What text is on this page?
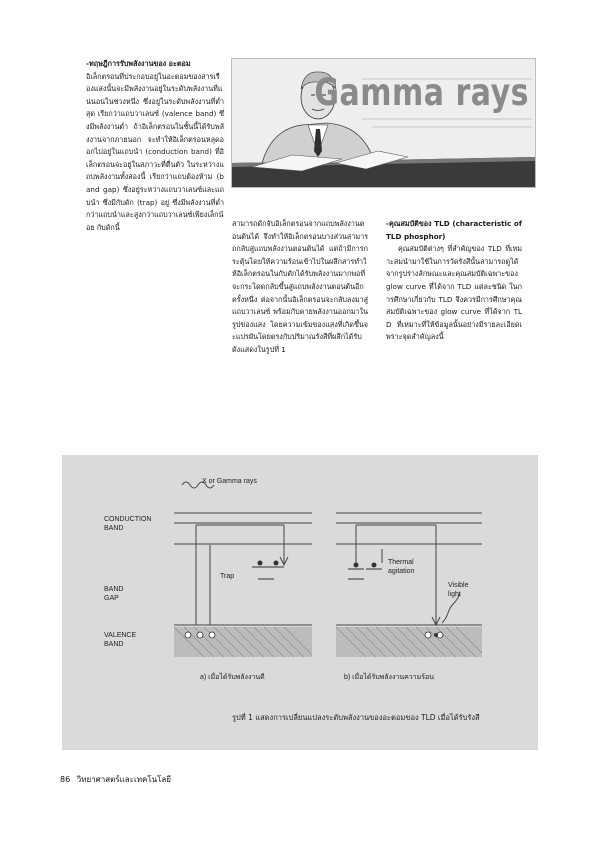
-ทฤษฎีการรับพลังงานของ อะตอม

อิเล็กตรอนที่ประกอบอยู่ในอะตอมของสารเรืองแสงนั้นจะมีพลังงานอยู่ในระดับพลังงานที่แน่นอนในช่วงหนึ่ง ซึ่งอยู่ในระดับพลังงานที่ต่ำสุด เรียกว่าแถบวาเลนซ์ (valence band) ซึ่งมีพลังงานต่ำ ถ้าอิเล็กตรอนในชั้นนี้ได้รับพลังงานจากภายนอก จะทำให้อิเล็กตรอนหลุดออกไปอยู่ในแถบนำ (conduction band) ที่อิเล็กตรอนจะอยู่ในสภาวะที่ตื่นตัว ในระหว่างแถบพลังงานทั้งสองนี้ เรียกว่าแถบต้องห้าม (band gap) ซึ่งอยู่ระหว่างแถบวาเลนซ์และแถบนำ ซึ่งมีกับดัก (trap) อยู่ ซึ่งมีพลังงานที่ต่ำกว่าแถบนำและสูงกว่าแถบวาเลนซ์เพียงเล็กน้อย กับดักนี้

Gamma rays

สามารถดักจับอิเล็กตรอนจากแถบพลังงานตอนต้นได้ จึงทำให้อิเล็กตรอนบางส่วนสามารถกลับสู่แถบพลังงานตอนต้นได้ แต่ถ้ามีการกระตุ้นโดยให้ความร้อนเข้าไปในผลึกสารทำให้อิเล็กตรอนในกับดักได้รับพลังงานมากพอที่จะกระโดดกลับขึ้นสู่แถบพลังงานตอนต้นอีกครั้งหนึ่ง ต่อจากนั้นอิเล็กตรอนจะกลับลงมาสู่แถบวาเลนซ์ พร้อมกับคายพลังงานออกมาในรูปของแสง โดยความเข้มของแสงที่เกิดขึ้นจะแปรผันโดยตรงกับปริมาณรังสีที่ผลึกได้รับ ดังแสดงในรูปที่ 1

-คุณสมบัติของ TLD (characteristic of TLD phosphor)

คุณสมบัติต่างๆ ที่สำคัญของ TLD ที่เหมาะสมนำมาใช้ในการวัดรังสีนั้นสามารถดูได้จากรูปร่างลักษณะและคุณสมบัติเฉพาะของ glow curve ที่ได้จาก TLD แต่ละชนิด ในการศึกษาเกี่ยวกับ TLD จึงควรมีการศึกษาคุณสมบัติเฉพาะของ glow curve ที่ได้จาก TLD ที่เหมาะที่ให้ข้อมูลนั้นอย่างมีรายละเอียดเพราะจุดสำคัญลงนี้

X or Gamma rays
CONDUCTION
BAND
BAND
GAP
VALENCE
BAND
Trap
Thermal
agitation
Visible
light
a) เมื่อได้รับพลังงานดี	b) เมื่อได้รับพลังงานความร้อน
รูปที่ 1 แสดงการเปลี่ยนแปลงระดับพลังงานของอะตอมของ TLD เมื่อได้รับรังสี
86 วิทยาศาสตร์และเทคโนโลยี
